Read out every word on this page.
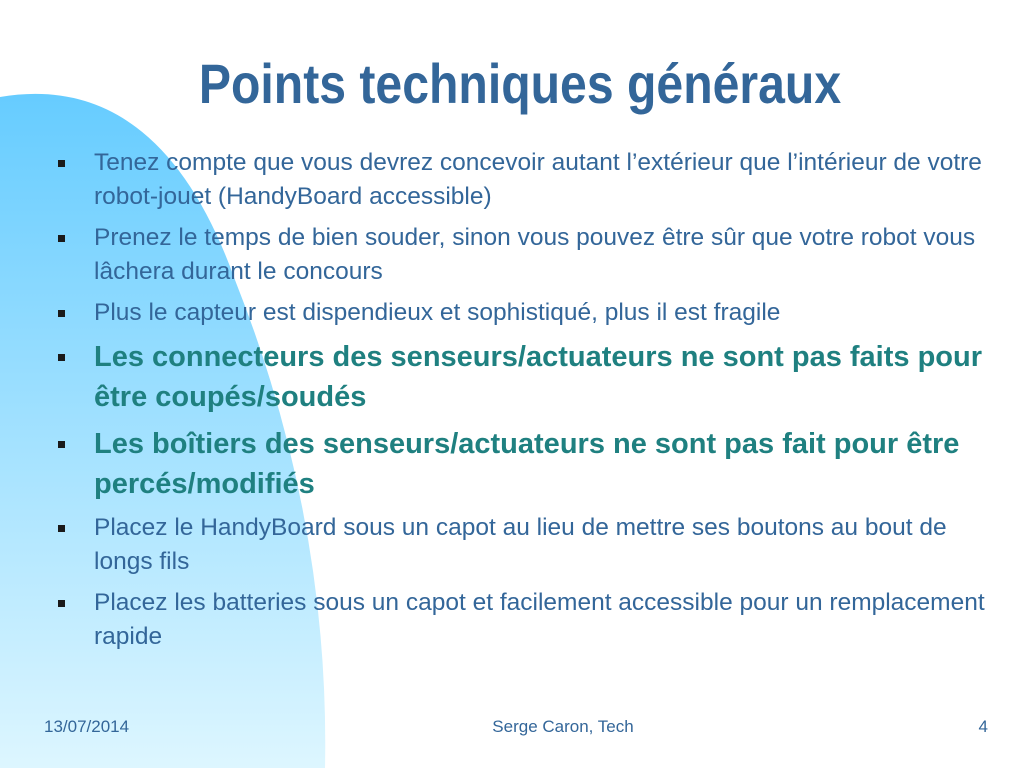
Points techniques généraux
Tenez compte que vous devrez concevoir autant l’extérieur que l’intérieur de votre robot-jouet (HandyBoard accessible)
Prenez le temps de bien souder, sinon vous pouvez être sûr que votre robot vous lâchera durant le concours
Plus le capteur est dispendieux et sophistiqué, plus il est fragile
Les connecteurs des senseurs/actuateurs ne sont pas faits pour être coupés/soudés
Les boîtiers des senseurs/actuateurs ne sont pas fait pour être percés/modifiés
Placez le HandyBoard sous un capot au lieu de mettre ses boutons au bout de longs fils
Placez les batteries sous un capot et facilement accessible pour un remplacement rapide
13/07/2014	Serge Caron, Tech	4
